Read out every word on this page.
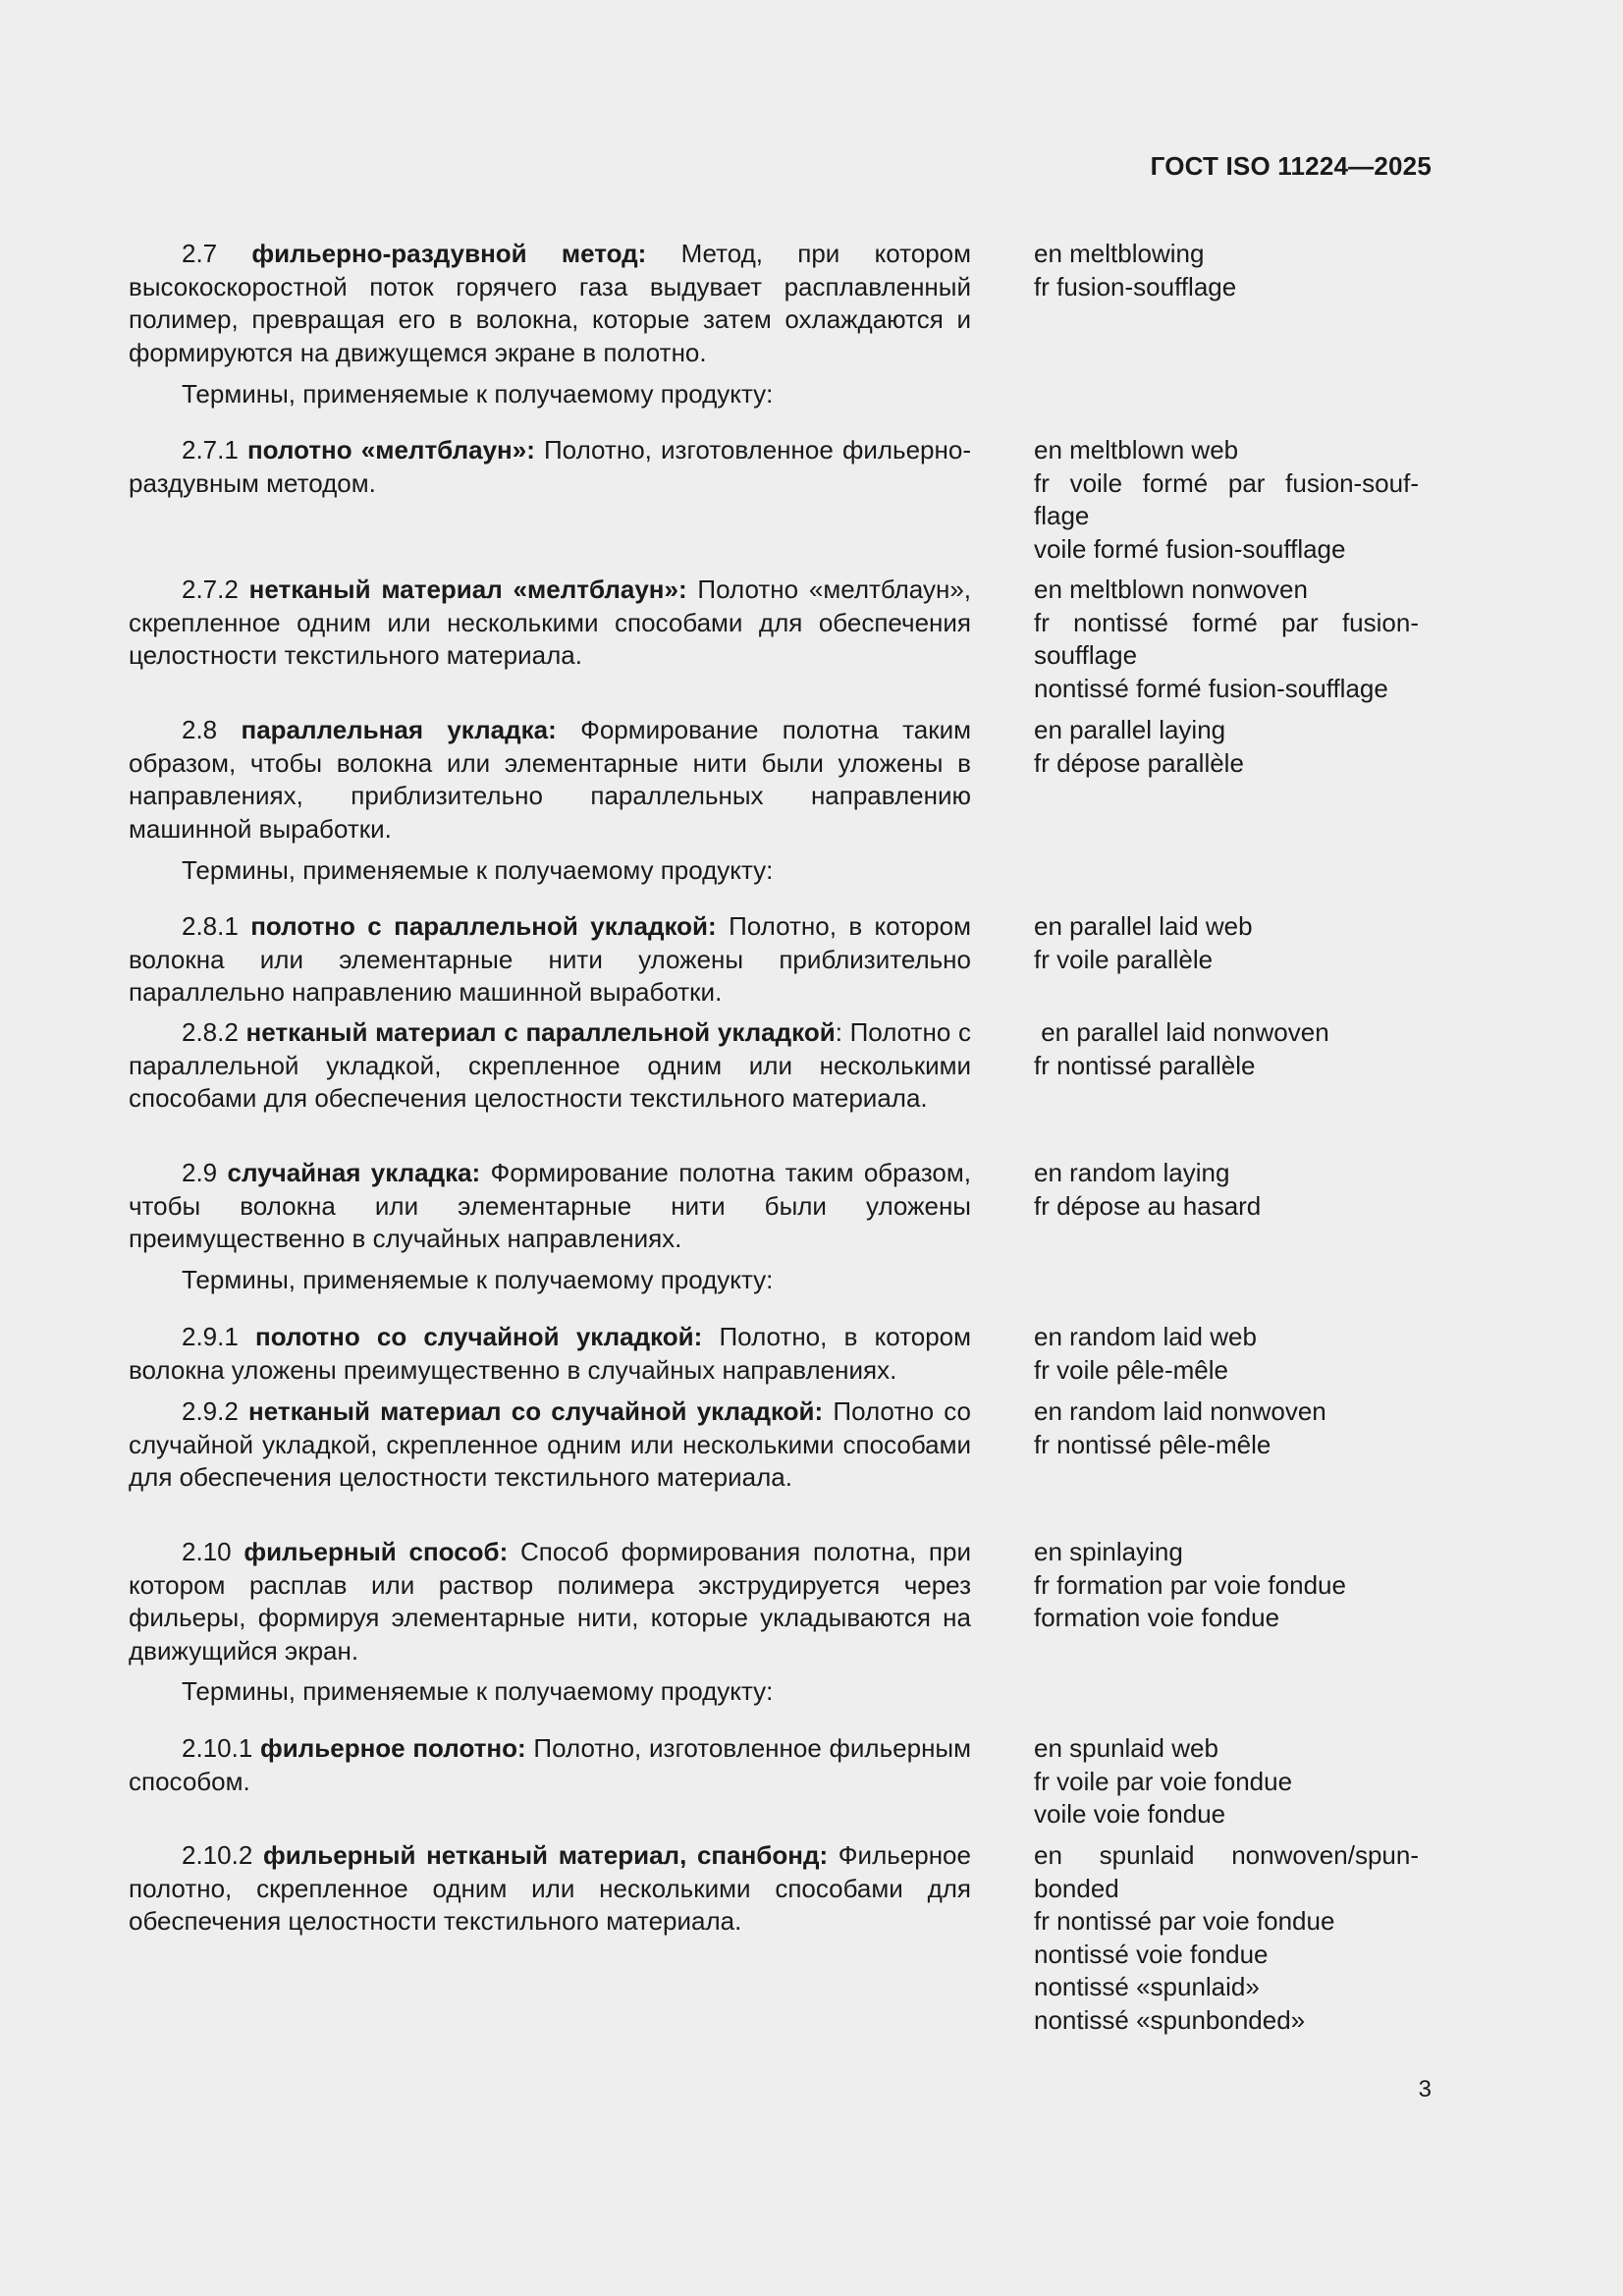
ГОСТ ISO 11224—2025

2.7 фильерно-раздувной метод: Метод, при котором высокоскоростной поток горячего газа выдувает расплавленный полимер, превращая его в волокна, которые затем охлаждаются и формируются на движущемся экране в полотно.

en meltblowing
fr fusion-soufflage
Термины, применяемые к получаемому продукту:

2.7.1 полотно «мелтблаун»: Полотно, изготовленное фильерно-раздувным методом.

en meltblown web
fr voile formé par fusion-souf-
flage
voile formé fusion-soufflage

2.7.2 нетканый материал «мелтблаун»: Полотно «мелтблаун», скрепленное одним или несколькими способами для обеспечения целостности текстильного материала.

en meltblown nonwoven
fr nontissé formé par fusion-
soufflage
nontissé formé fusion-soufflage

2.8 параллельная укладка: Формирование полотна таким образом, чтобы волокна или элементарные нити были уложены в направлениях, приблизительно параллельных направлению машинной выработки.

en parallel laying
fr dépose parallèle
Термины, применяемые к получаемому продукту:

2.8.1 полотно с параллельной укладкой: Полотно, в котором волокна или элементарные нити уложены приблизительно параллельно направлению машинной выработки.

en parallel laid web
fr voile parallèle

2.8.2 нетканый материал с параллельной укладкой: Полотно с параллельной укладкой, скрепленное одним или несколькими способами для обеспечения целостности текстильного материала.

en parallel laid nonwoven
fr nontissé parallèle

2.9 случайная укладка: Формирование полотна таким образом, чтобы волокна или элементарные нити были уложены преимущественно в случайных направлениях.

en random laying
fr dépose au hasard
Термины, применяемые к получаемому продукту:

2.9.1 полотно со случайной укладкой: Полотно, в котором волокна уложены преимущественно в случайных направлениях.

en random laid web
fr voile pêle-mêle

2.9.2 нетканый материал со случайной укладкой: Полотно со случайной укладкой, скрепленное одним или несколькими способами для обеспечения целостности текстильного материала.

en random laid nonwoven
fr nontissé pêle-mêle

2.10 фильерный способ: Способ формирования полотна, при котором расплав или раствор полимера экструдируется через фильеры, формируя элементарные нити, которые укладываются на движущийся экран.

en spinlaying
fr formation par voie fondue
formation voie fondue
Термины, применяемые к получаемому продукту:

2.10.1 фильерное полотно: Полотно, изготовленное фильерным способом.

en spunlaid web
fr voile par voie fondue
voile voie fondue

2.10.2 фильерный нетканый материал, спанбонд: Фильерное полотно, скрепленное одним или несколькими способами для обеспечения целостности текстильного материала.

en spunlaid nonwoven/spun-
bonded
fr nontissé par voie fondue
nontissé voie fondue
nontissé «spunlaid»
nontissé «spunbonded»
3
